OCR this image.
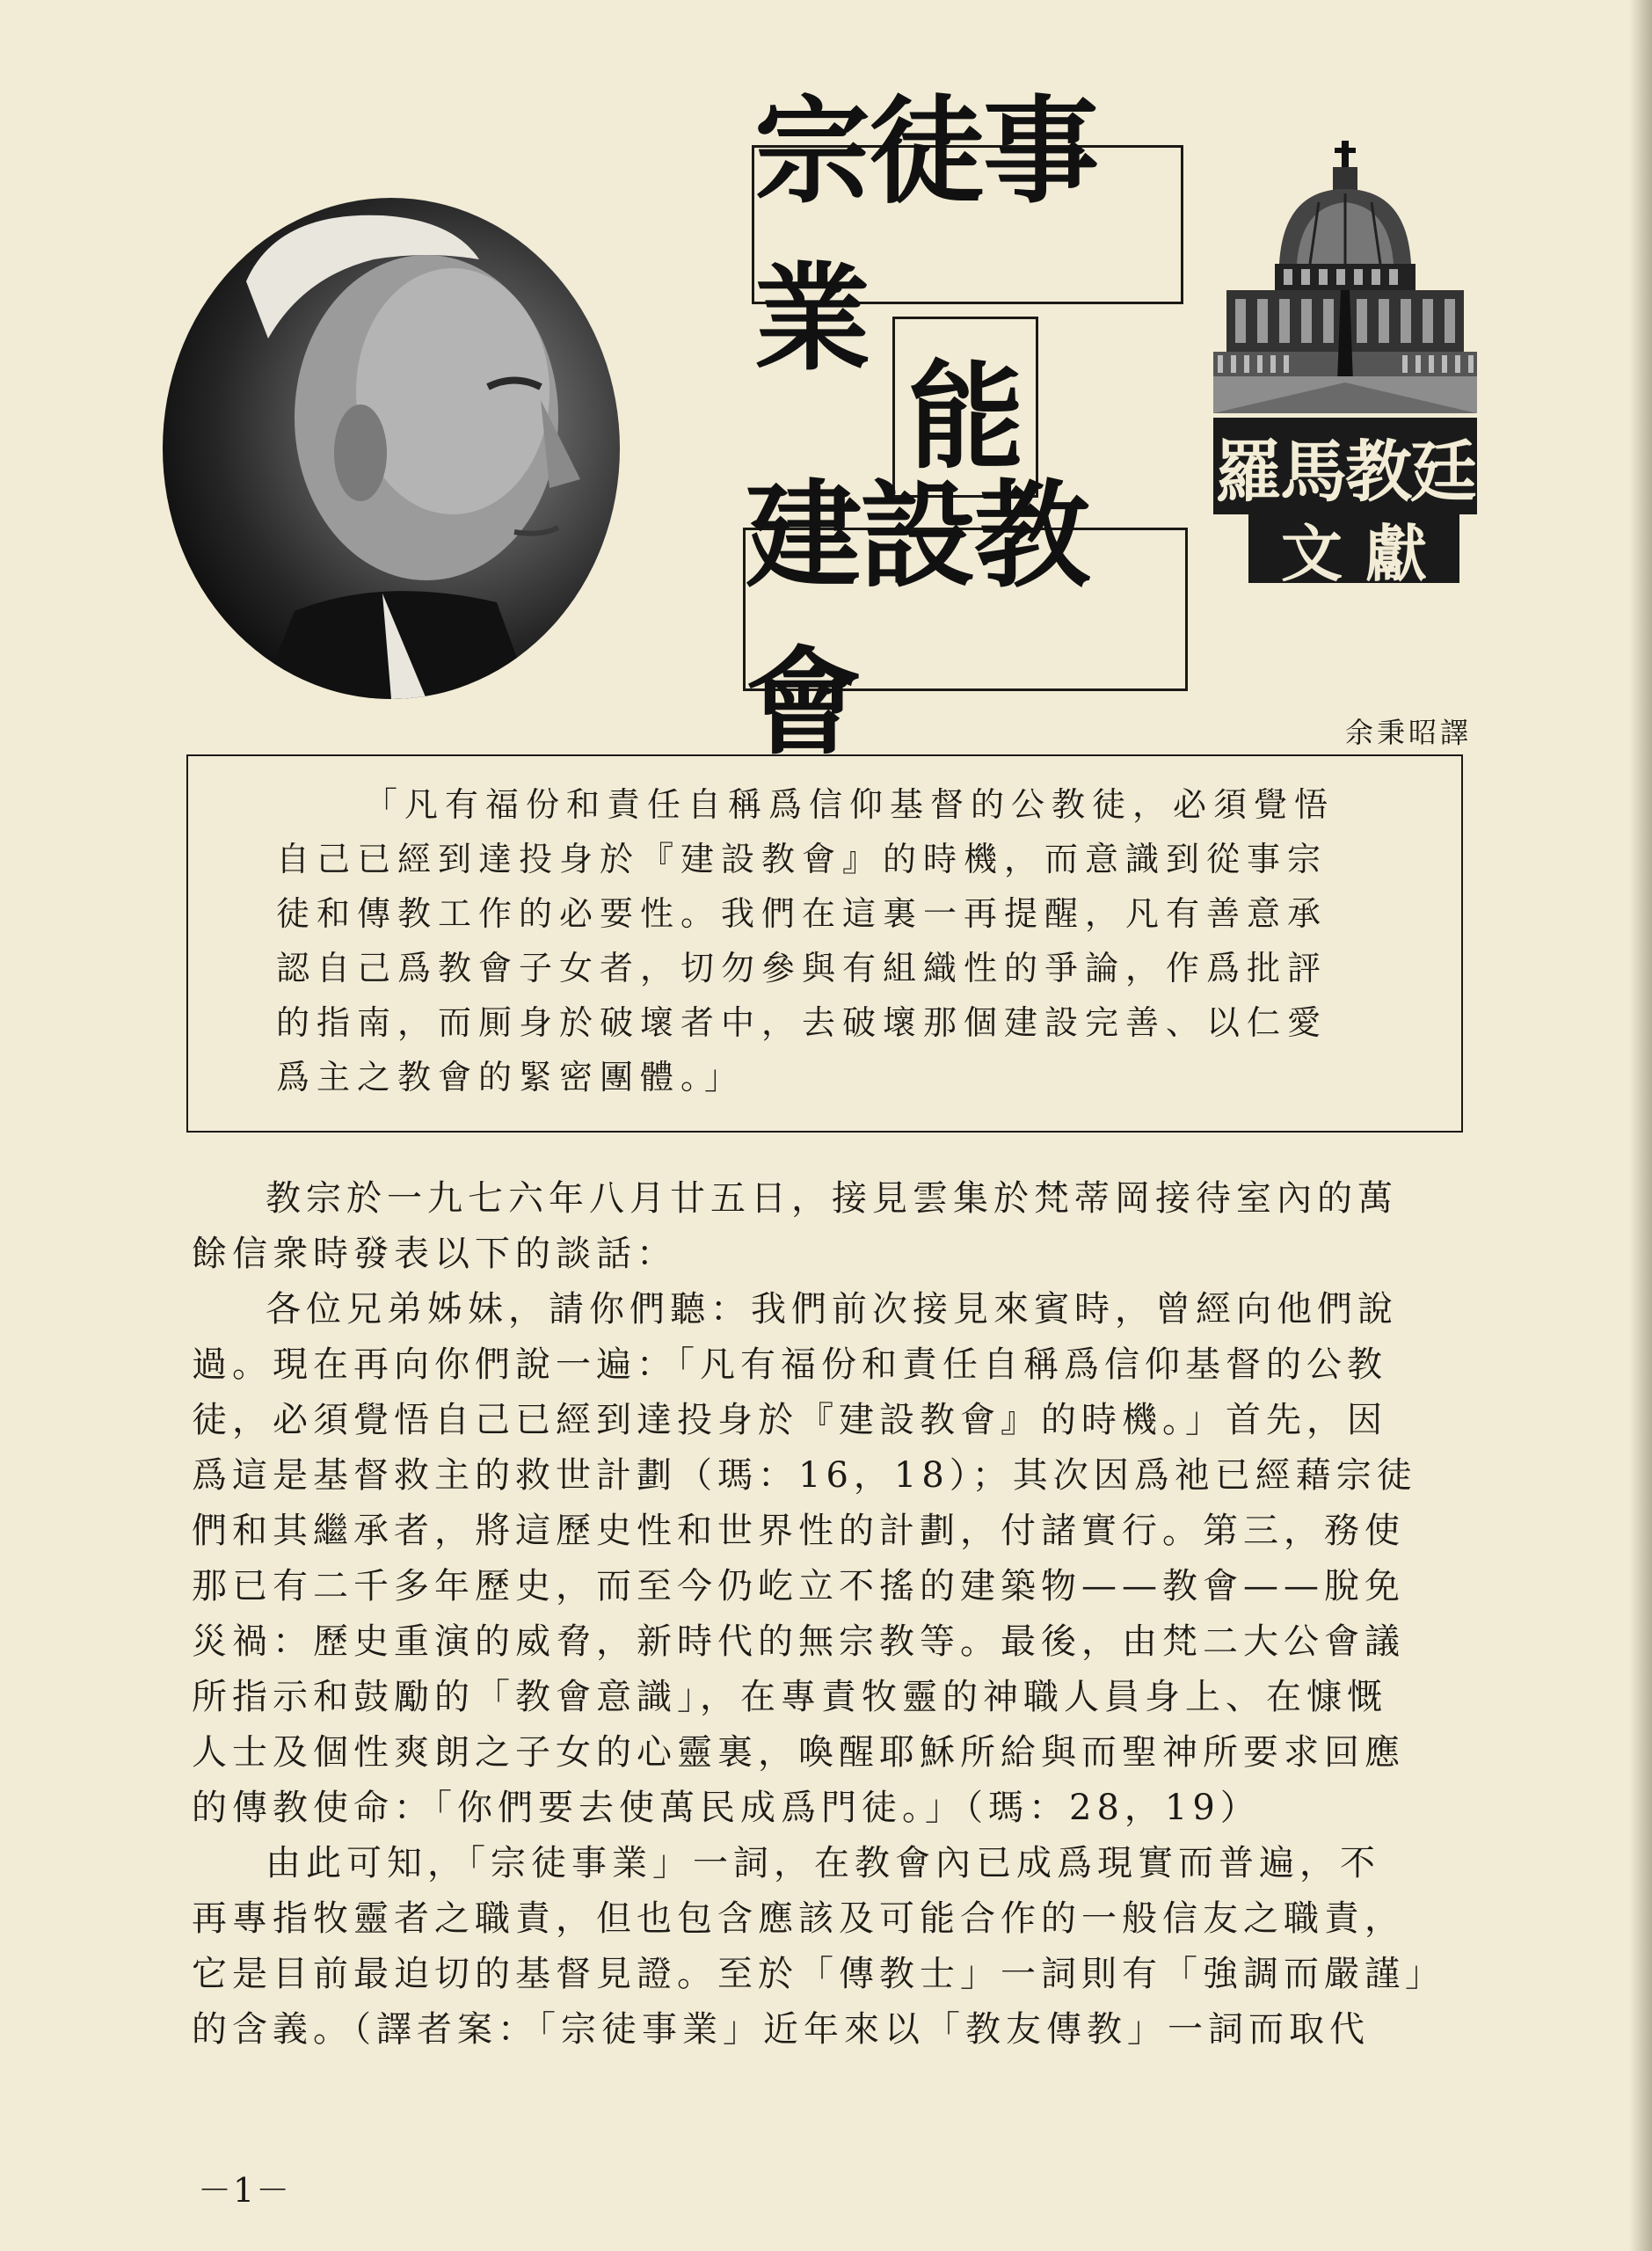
宗徒事業
能
建設教會
羅馬教廷
文獻
余秉昭譯
「凡有福份和責任自稱爲信仰基督的公教徒，必須覺悟
自己已經到達投身於『建設教會』的時機，而意識到從事宗
徒和傳教工作的必要性。我們在這裏一再提醒，凡有善意承
認自己爲教會子女者，切勿參與有組織性的爭論，作爲批評
的指南，而厠身於破壞者中，去破壞那個建設完善、以仁愛
爲主之教會的緊密團體。」
教宗於一九七六年八月廿五日，接見雲集於梵蒂岡接待室內的萬
餘信衆時發表以下的談話：
各位兄弟姊妹，請你們聽：我們前次接見來賓時，曾經向他們說
過。現在再向你們說一遍：「凡有福份和責任自稱爲信仰基督的公教
徒，必須覺悟自己已經到達投身於『建設教會』的時機。」首先，因
爲這是基督救主的救世計劃（瑪：16，18）；其次因爲祂已經藉宗徒
們和其繼承者，將這歷史性和世界性的計劃，付諸實行。第三，務使
那已有二千多年歷史，而至今仍屹立不搖的建築物——教會——脫免
災禍：歷史重演的威脅，新時代的無宗教等。最後，由梵二大公會議
所指示和鼓勵的「教會意識」，在專責牧靈的神職人員身上、在慷慨
人士及個性爽朗之子女的心靈裏，喚醒耶穌所給與而聖神所要求回應
的傳教使命：「你們要去使萬民成爲門徒。」（瑪：28，19）
由此可知，「宗徒事業」一詞，在教會內已成爲現實而普遍，不
再專指牧靈者之職責，但也包含應該及可能合作的一般信友之職責，
它是目前最迫切的基督見證。至於「傳教士」一詞則有「強調而嚴謹」
的含義。（譯者案：「宗徒事業」近年來以「教友傳教」一詞而取代
－1－
